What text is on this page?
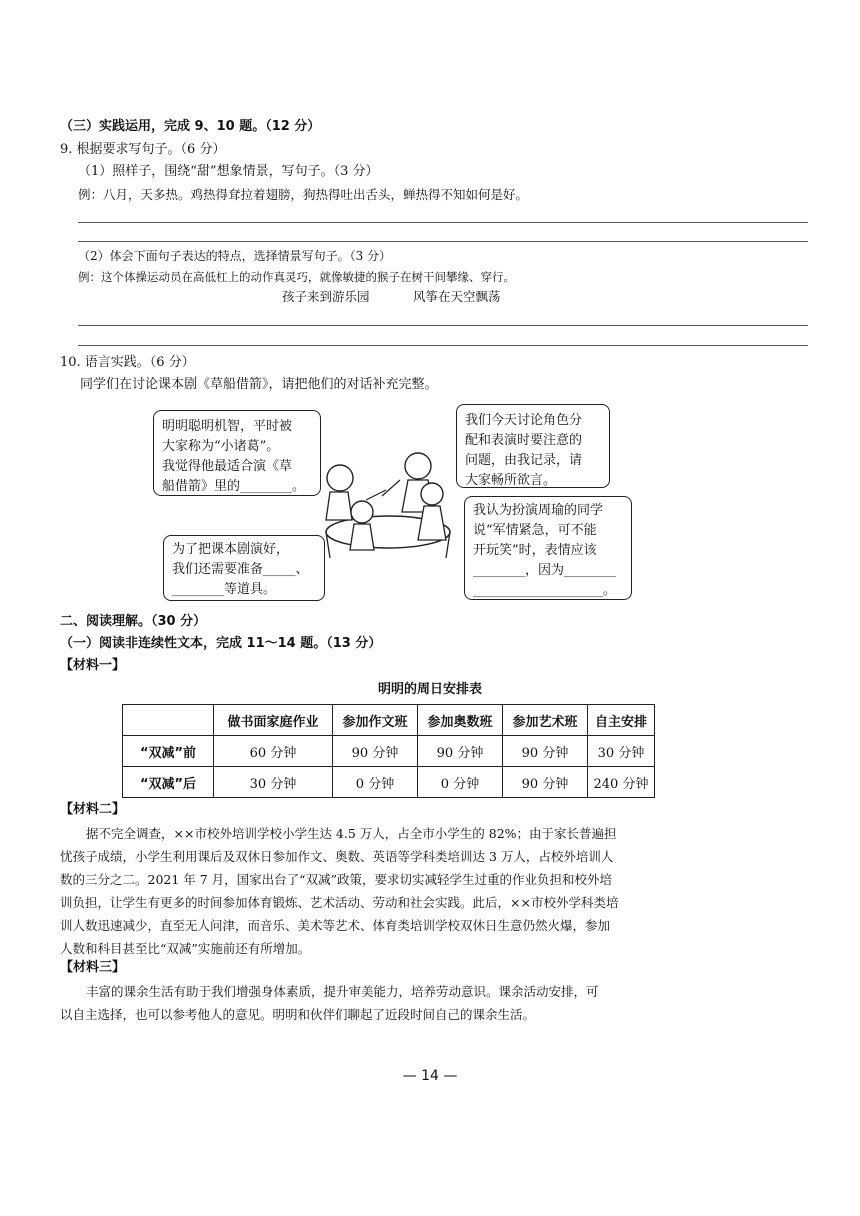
（三）实践运用，完成 9、10 题。（12 分）
9. 根据要求写句子。（6 分）
（1）照样子，围绕“甜”想象情景，写句子。（3 分）
例：八月，天多热。鸡热得耷拉着翅膀，狗热得吐出舌头，蝉热得不知如何是好。
（2）体会下面句子表达的特点，选择情景写句子。（3 分）
例：这个体操运动员在高低杠上的动作真灵巧，就像敏捷的猴子在树干间攀缘、穿行。
孩子来到游乐园	风筝在天空飘荡
10. 语言实践。（6 分）
同学们在讨论课本剧《草船借箭》，请把他们的对话补充完整。
明明聪明机智，平时被
大家称为“小诸葛”。
我觉得他最适合演《草
船借箭》里的________。
我们今天讨论角色分
配和表演时要注意的
问题，由我记录，请
大家畅所欲言。
为了把课本剧演好，
我们还需要准备_____、
________等道具。
我认为扮演周瑜的同学
说“军情紧急，可不能
开玩笑”时，表情应该
________，因为________
____________________。
二、阅读理解。（30 分）
（一）阅读非连续性文本，完成 11～14 题。（13 分）
【材料一】
明明的周日安排表
	做书面家庭作业	参加作文班	参加奥数班	参加艺术班	自主安排
“双减”前	60 分钟	90 分钟	90 分钟	90 分钟	30 分钟
“双减”后	30 分钟	0 分钟	0 分钟	90 分钟	240 分钟
【材料二】
据不完全调查，××市校外培训学校小学生达 4.5 万人，占全市小学生的 82%；由于家长普遍担
忧孩子成绩，小学生利用课后及双休日参加作文、奥数、英语等学科类培训达 3 万人，占校外培训人
数的三分之二。2021 年 7 月，国家出台了“双减”政策，要求切实减轻学生过重的作业负担和校外培
训负担，让学生有更多的时间参加体育锻炼、艺术活动、劳动和社会实践。此后，××市校外学科类培
训人数迅速减少，直至无人问津，而音乐、美术等艺术、体育类培训学校双休日生意仍然火爆，参加
人数和科目甚至比“双减”实施前还有所增加。
【材料三】
丰富的课余生活有助于我们增强身体素质，提升审美能力，培养劳动意识。课余活动安排，可
以自主选择，也可以参考他人的意见。明明和伙伴们聊起了近段时间自己的课余生活。
— 14 —
